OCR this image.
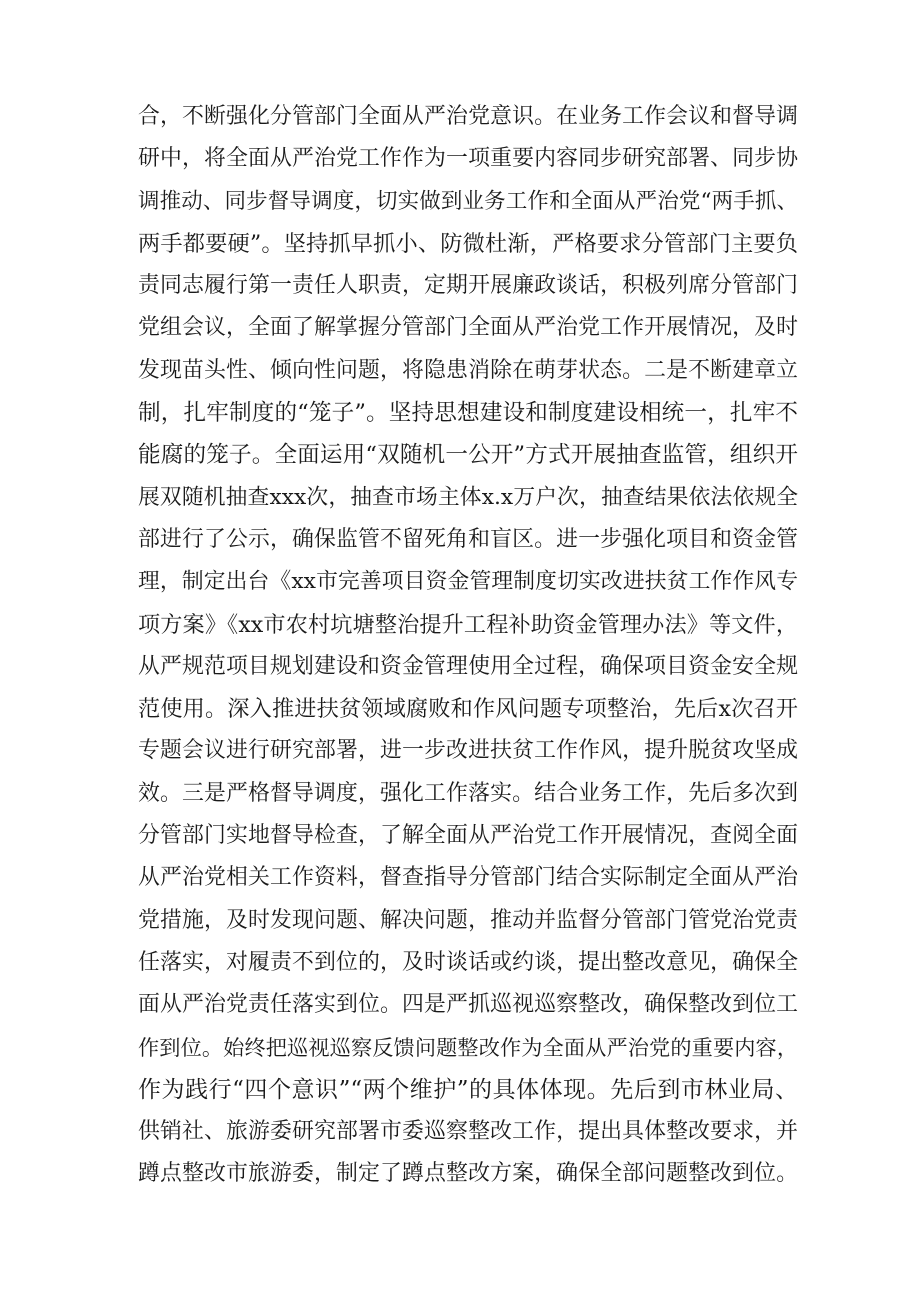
合，不断强化分管部门全面从严治党意识。在业务工作会议和督导调
研中，将全面从严治党工作作为一项重要内容同步研究部署、同步协
调推动、同步督导调度，切实做到业务工作和全面从严治党“两手抓、
两手都要硬”。坚持抓早抓小、防微杜渐，严格要求分管部门主要负
责同志履行第一责任人职责，定期开展廉政谈话，积极列席分管部门
党组会议，全面了解掌握分管部门全面从严治党工作开展情况，及时
发现苗头性、倾向性问题，将隐患消除在萌芽状态。二是不断建章立
制，扎牢制度的“笼子”。坚持思想建设和制度建设相统一，扎牢不
能腐的笼子。全面运用“双随机一公开”方式开展抽查监管，组织开
展双随机抽查xxx次，抽查市场主体x.x万户次，抽查结果依法依规全
部进行了公示，确保监管不留死角和盲区。进一步强化项目和资金管
理，制定出台《xx市完善项目资金管理制度切实改进扶贫工作作风专
项方案》《xx市农村坑塘整治提升工程补助资金管理办法》等文件，
从严规范项目规划建设和资金管理使用全过程，确保项目资金安全规
范使用。深入推进扶贫领域腐败和作风问题专项整治，先后x次召开
专题会议进行研究部署，进一步改进扶贫工作作风，提升脱贫攻坚成
效。三是严格督导调度，强化工作落实。结合业务工作，先后多次到
分管部门实地督导检查，了解全面从严治党工作开展情况，查阅全面
从严治党相关工作资料，督查指导分管部门结合实际制定全面从严治
党措施，及时发现问题、解决问题，推动并监督分管部门管党治党责
任落实，对履责不到位的，及时谈话或约谈，提出整改意见，确保全
面从严治党责任落实到位。四是严抓巡视巡察整改，确保整改到位工
作到位。始终把巡视巡察反馈问题整改作为全面从严治党的重要内容，
作为践行“四个意识”“两个维护”的具体体现。先后到市林业局、
供销社、旅游委研究部署市委巡察整改工作，提出具体整改要求，并
蹲点整改市旅游委，制定了蹲点整改方案，确保全部问题整改到位。
